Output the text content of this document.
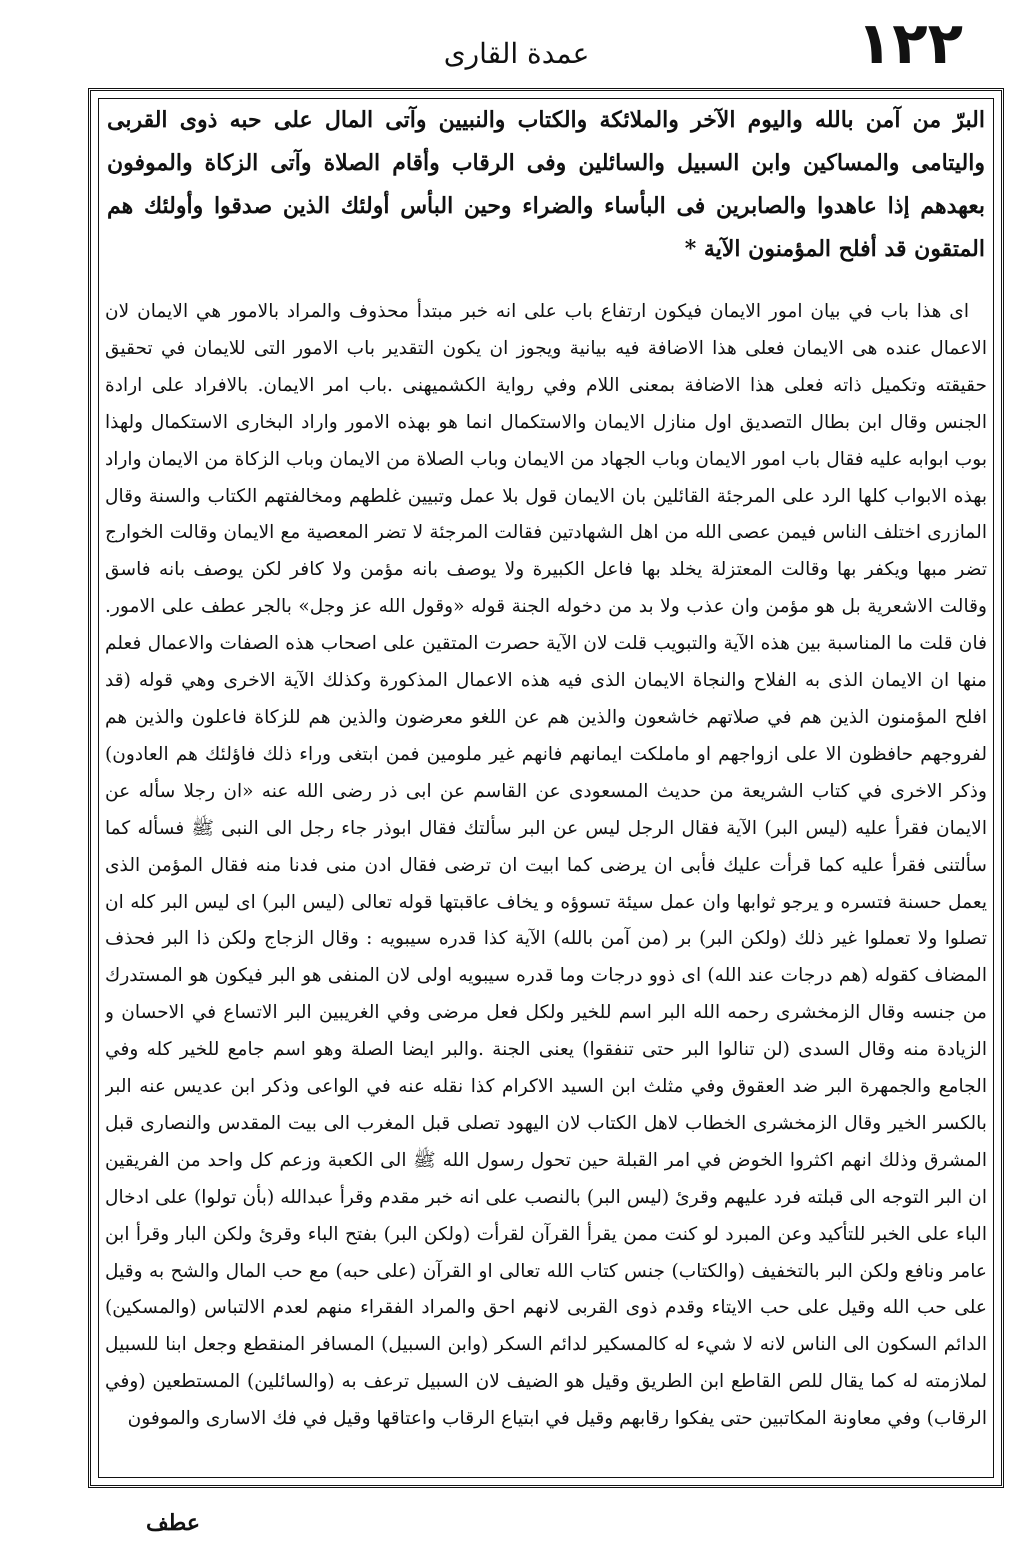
١٢٢
عمدة القارى
البرّ من آمن بالله واليوم الآخر والملائكة والكتاب والنبيين وآتى المال على حبه ذوى القربى واليتامى والمساكين وابن السبيل والسائلين وفى الرقاب وأقام الصلاة وآتى الزكاة والموفون بعهدهم إذا عاهدوا والصابرين فى البأساء والضراء وحين البأس أولئك الذين صدقوا وأولئك هم المتقون قد أفلح المؤمنون الآية *

اى هذا باب في بيان امور الايمان فيكون ارتفاع باب على انه خبر مبتدأ محذوف والمراد بالامور هي الايمان لان الاعمال عنده هى الايمان فعلى هذا الاضافة فيه بيانية ويجوز ان يكون التقدير باب الامور التى للايمان في تحقيق حقيقته وتكميل ذاته فعلى هذا الاضافة بمعنى اللام وفي رواية الكشميهنى .باب امر الايمان. بالافراد على ارادة الجنس وقال ابن بطال التصديق اول منازل الايمان والاستكمال انما هو بهذه الامور واراد البخارى الاستكمال ولهذا بوب ابوابه عليه فقال باب امور الايمان وباب الجهاد من الايمان وباب الصلاة من الايمان وباب الزكاة من الايمان واراد بهذه الابواب كلها الرد على المرجئة القائلين بان الايمان قول بلا عمل وتبيين غلطهم ومخالفتهم الكتاب والسنة وقال المازرى اختلف الناس فيمن عصى الله من اهل الشهادتين فقالت المرجئة لا تضر المعصية مع الايمان وقالت الخوارج تضر مبها ويكفر بها وقالت المعتزلة يخلد بها فاعل الكبيرة ولا يوصف بانه مؤمن ولا كافر لكن يوصف بانه فاسق وقالت الاشعرية بل هو مؤمن وان عذب ولا بد من دخوله الجنة قوله «وقول الله عز وجل» بالجر عطف على الامور. فان قلت ما المناسبة بين هذه الآية والتبويب قلت لان الآية حصرت المتقين على اصحاب هذه الصفات والاعمال فعلم منها ان الايمان الذى به الفلاح والنجاة الايمان الذى فيه هذه الاعمال المذكورة وكذلك الآية الاخرى وهي قوله (قد افلح المؤمنون الذين هم في صلاتهم خاشعون والذين هم عن اللغو معرضون والذين هم للزكاة فاعلون والذين هم لفروجهم حافظون الا على ازواجهم او ماملكت ايمانهم فانهم غير ملومين فمن ابتغى وراء ذلك فاؤلئك هم العادون) وذكر الاخرى في كتاب الشريعة من حديث المسعودى عن القاسم عن ابى ذر رضى الله عنه «ان رجلا سأله عن الايمان فقرأ عليه (ليس البر) الآية فقال الرجل ليس عن البر سألتك فقال ابوذر جاء رجل الى النبى ﷺ فسأله كما سألتنى فقرأ عليه كما قرأت عليك فأبى ان يرضى كما ابيت ان ترضى فقال ادن منى فدنا منه فقال المؤمن الذى يعمل حسنة فتسره و يرجو ثوابها وان عمل سيئة تسوؤه و يخاف عاقبتها قوله تعالى (ليس البر) اى ليس البر كله ان تصلوا ولا تعملوا غير ذلك (ولكن البر) بر (من آمن بالله) الآية كذا قدره سيبويه : وقال الزجاج ولكن ذا البر فحذف المضاف كقوله (هم درجات عند الله) اى ذوو درجات وما قدره سيبويه اولى لان المنفى هو البر فيكون هو المستدرك من جنسه وقال الزمخشرى رحمه الله البر اسم للخير ولكل فعل مرضى وفي الغريبين البر الاتساع في الاحسان و الزيادة منه وقال السدى (لن تنالوا البر حتى تنفقوا) يعنى الجنة .والبر ايضا الصلة وهو اسم جامع للخير كله وفي الجامع والجمهرة البر ضد العقوق وفي مثلث ابن السيد الاكرام كذا نقله عنه في الواعى وذكر ابن عديس عنه البر بالكسر الخير وقال الزمخشرى الخطاب لاهل الكتاب لان اليهود تصلى قبل المغرب الى بيت المقدس والنصارى قبل المشرق وذلك انهم اكثروا الخوض في امر القبلة حين تحول رسول الله ﷺ الى الكعبة وزعم كل واحد من الفريقين ان البر التوجه الى قبلته فرد عليهم وقرئ (ليس البر) بالنصب على انه خبر مقدم وقرأ عبدالله (بأن تولوا) على ادخال الباء على الخبر للتأكيد وعن المبرد لو كنت ممن يقرأ القرآن لقرأت (ولكن البر) بفتح الباء وقرئ ولكن البار وقرأ ابن عامر ونافع ولكن البر بالتخفيف (والكتاب) جنس كتاب الله تعالى او القرآن (على حبه) مع حب المال والشح به وقيل على حب الله وقيل على حب الايتاء وقدم ذوى القربى لانهم احق والمراد الفقراء منهم لعدم الالتباس (والمسكين) الدائم السكون الى الناس لانه لا شيء له كالمسكير لدائم السكر (وابن السبيل) المسافر المنقطع وجعل ابنا للسبيل لملازمته له كما يقال للص القاطع ابن الطريق وقيل هو الضيف لان السبيل ترعف به (والسائلين) المستطعين (وفي الرقاب) وفي معاونة المكاتبين حتى يفكوا رقابهم وقيل في ابتياع الرقاب واعتاقها وقيل في فك الاسارى والموفون

عطف
